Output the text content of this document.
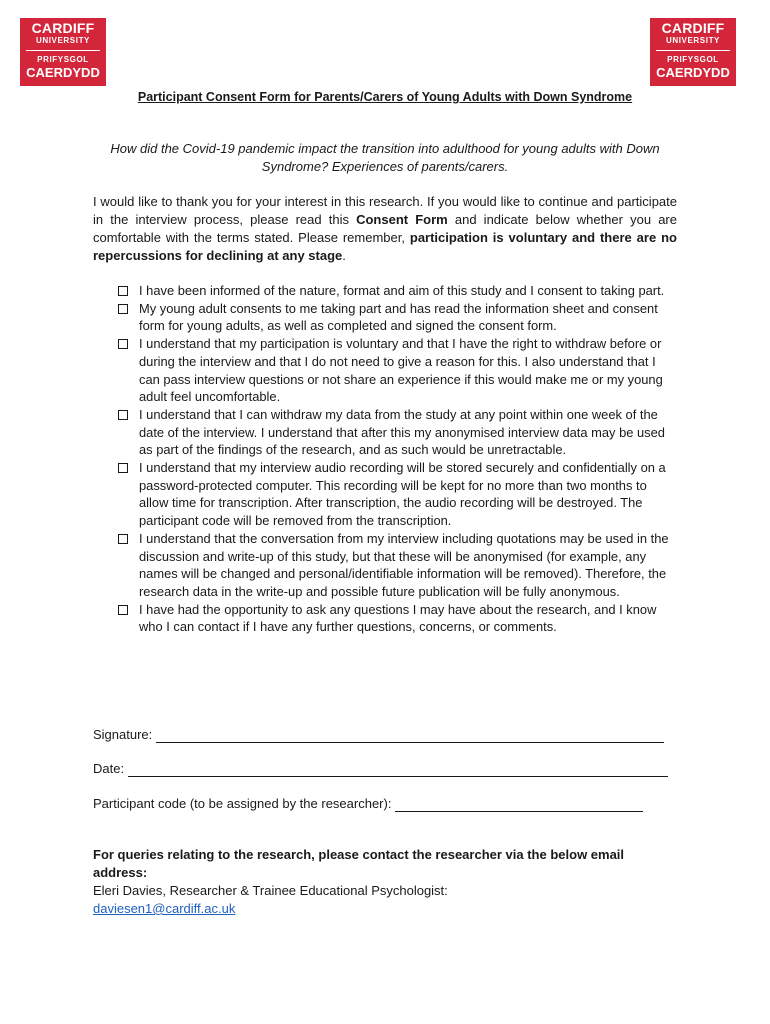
CARDIFF
UNIVERSITY
PRIFYSGOL
CAERDYDD
CARDIFF
UNIVERSITY
PRIFYSGOL
CAERDYDD
Participant Consent Form for Parents/Carers of Young Adults with Down Syndrome
How did the Covid-19 pandemic impact the transition into adulthood for young adults with Down Syndrome? Experiences of parents/carers.
I would like to thank you for your interest in this research. If you would like to continue and participate in the interview process, please read this Consent Form and indicate below whether you are comfortable with the terms stated. Please remember, participation is voluntary and there are no repercussions for declining at any stage.
I have been informed of the nature, format and aim of this study and I consent to taking part.
My young adult consents to me taking part and has read the information sheet and consent form for young adults, as well as completed and signed the consent form.
I understand that my participation is voluntary and that I have the right to withdraw before or during the interview and that I do not need to give a reason for this. I also understand that I can pass interview questions or not share an experience if this would make me or my young adult feel uncomfortable.
I understand that I can withdraw my data from the study at any point within one week of the date of the interview. I understand that after this my anonymised interview data may be used as part of the findings of the research, and as such would be unretractable.
I understand that my interview audio recording will be stored securely and confidentially on a password-protected computer. This recording will be kept for no more than two months to allow time for transcription. After transcription, the audio recording will be destroyed. The participant code will be removed from the transcription.
I understand that the conversation from my interview including quotations may be used in the discussion and write-up of this study, but that these will be anonymised (for example, any names will be changed and personal/identifiable information will be removed). Therefore, the research data in the write-up and possible future publication will be fully anonymous.
I have had the opportunity to ask any questions I may have about the research, and I know who I can contact if I have any further questions, concerns, or comments.
Signature:
Date:
Participant code (to be assigned by the researcher):
For queries relating to the research, please contact the researcher via the below email address:
Eleri Davies, Researcher & Trainee Educational Psychologist:
daviesen1@cardiff.ac.uk
